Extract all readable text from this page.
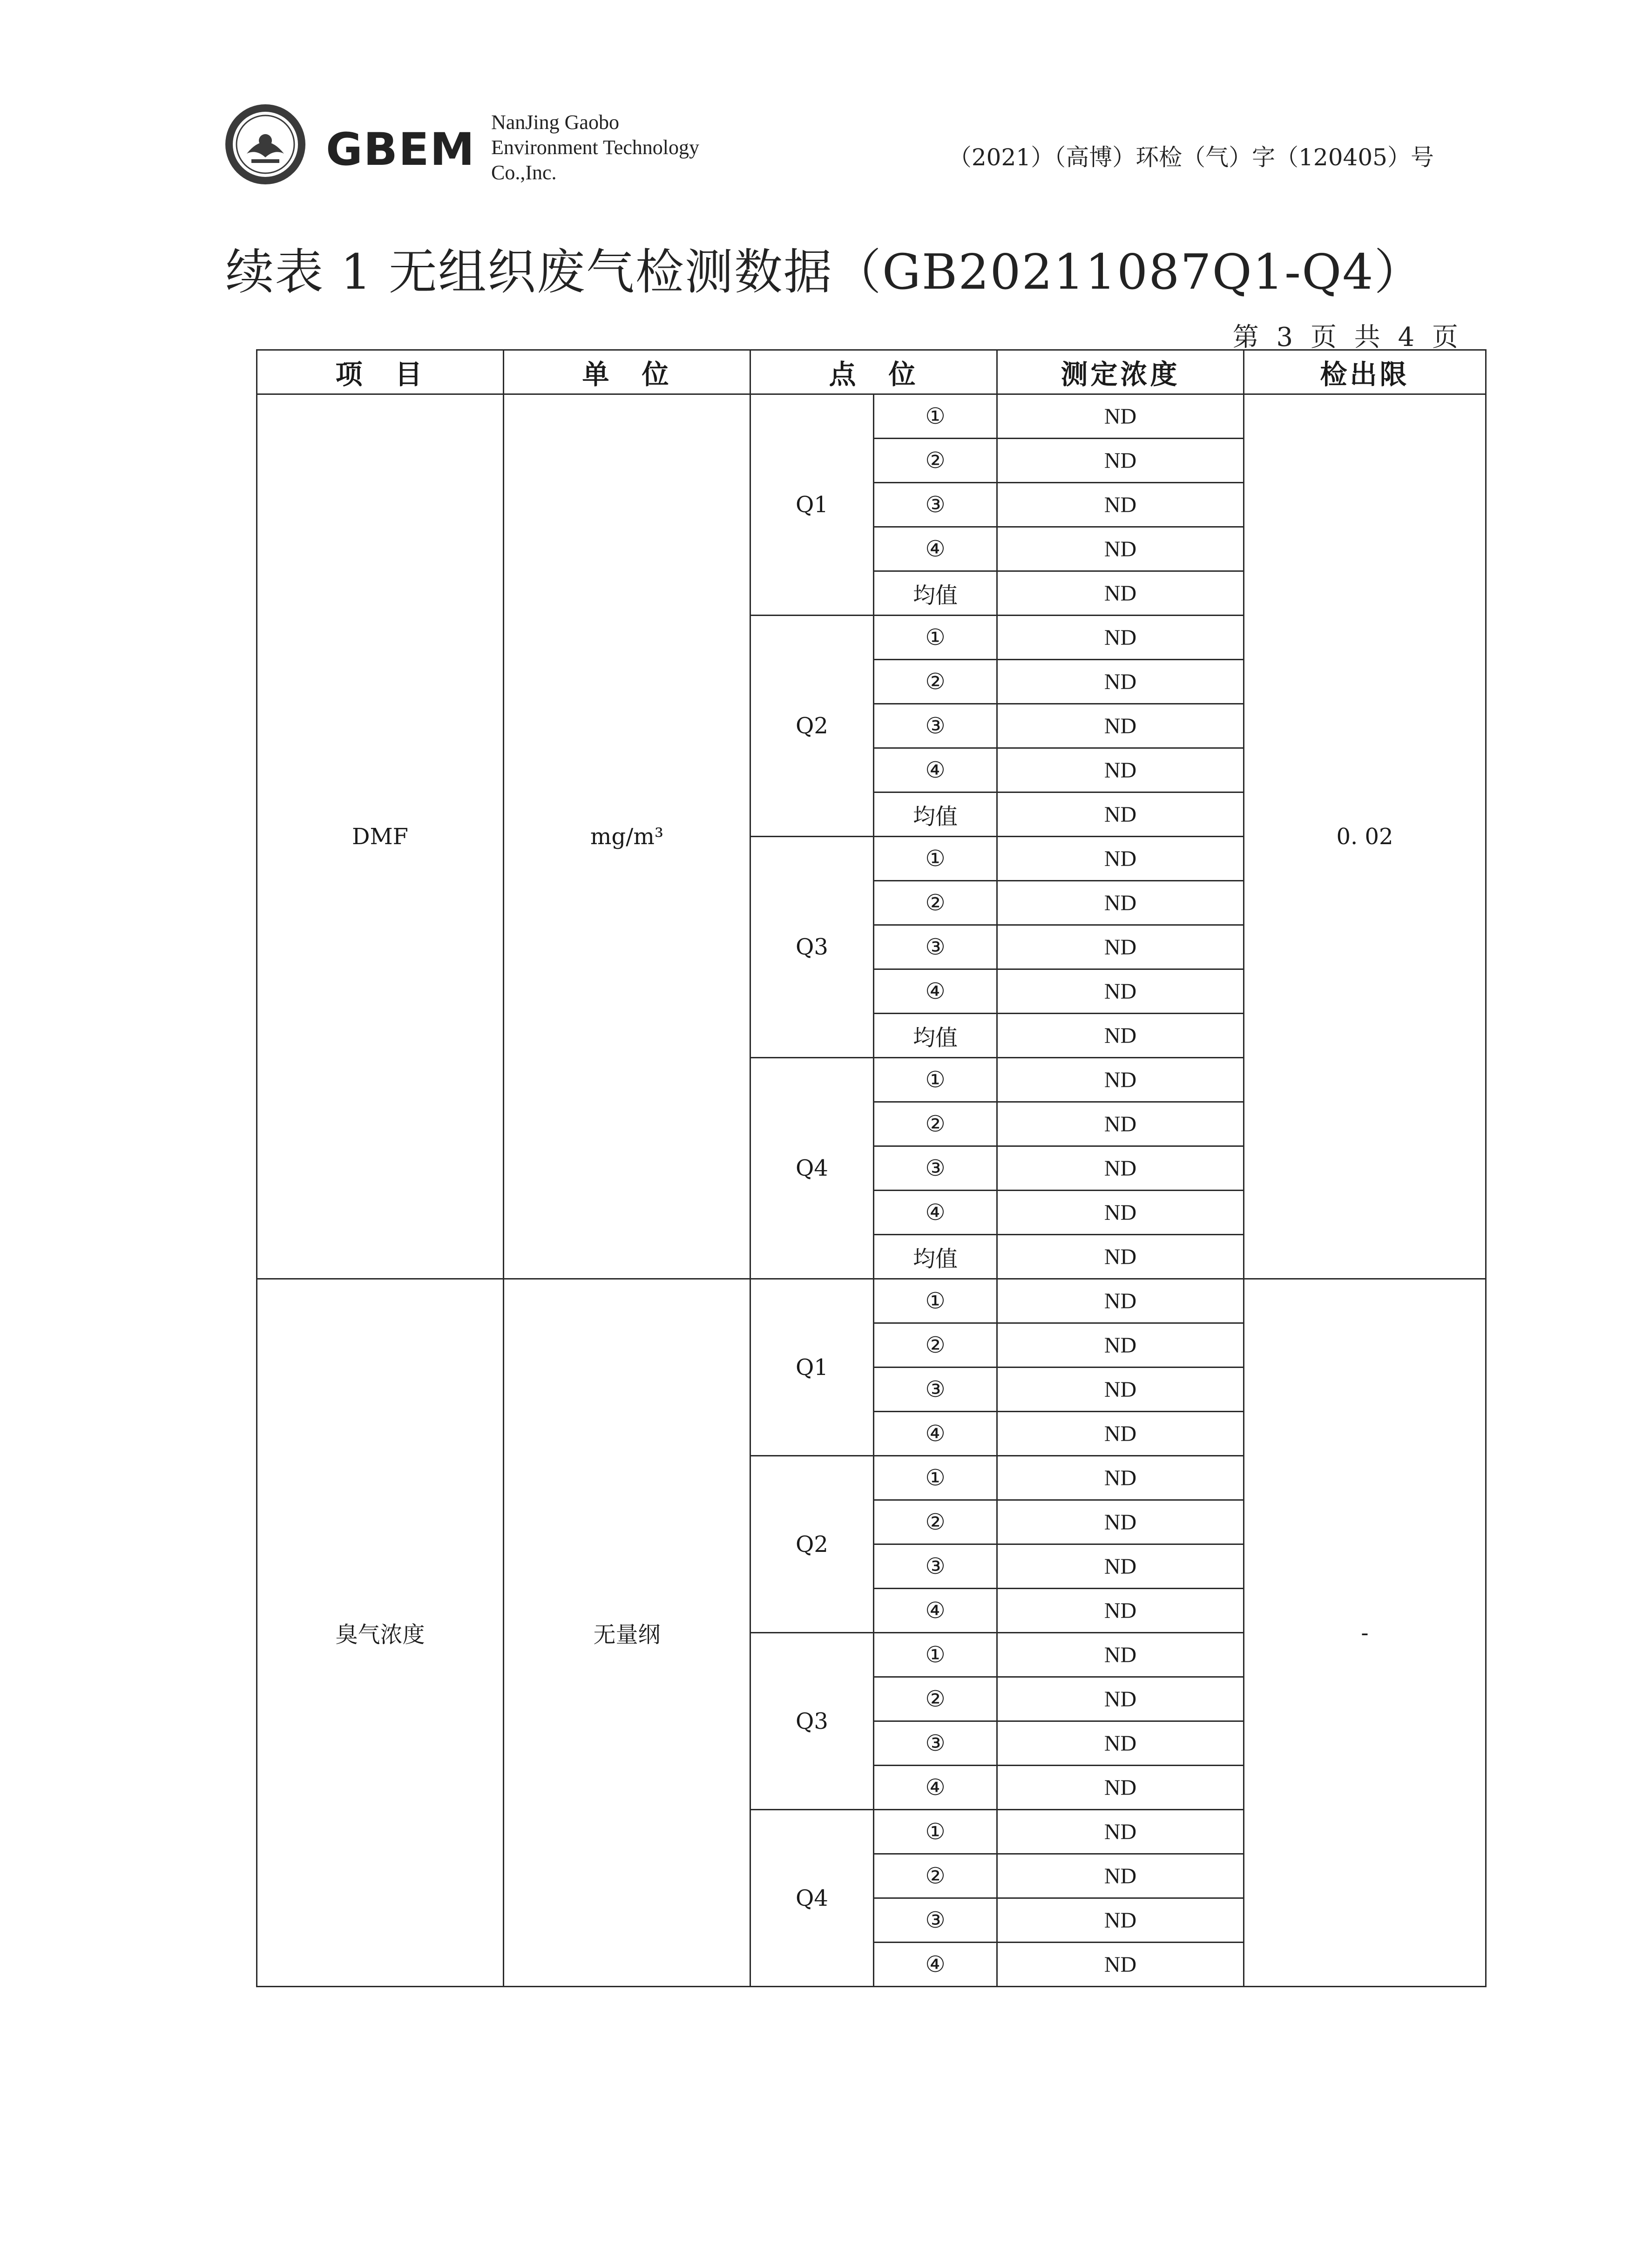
GBEM
NanJing Gaobo
Environment Technology
Co.,Inc.
（2021）（高博）环检（气）字（120405）号
续表 1 无组织废气检测数据（GB20211087Q1-Q4）
第 3 页 共 4 页
项　目	单　位	点　位		测定浓度	检出限
DMF	mg/m³	Q1	①	ND	0. 02
			②	ND	
			③	ND	
			④	ND	
			均值	ND	
		Q2	①	ND	
			②	ND	
			③	ND	
			④	ND	
			均值	ND	
		Q3	①	ND	
			②	ND	
			③	ND	
			④	ND	
			均值	ND	
		Q4	①	ND	
			②	ND	
			③	ND	
			④	ND	
			均值	ND	
臭气浓度	无量纲	Q1	①	ND	-
			②	ND	
			③	ND	
			④	ND	
		Q2	①	ND	
			②	ND	
			③	ND	
			④	ND	
		Q3	①	ND	
			②	ND	
			③	ND	
			④	ND	
		Q4	①	ND	
			②	ND	
			③	ND	
			④	ND	
